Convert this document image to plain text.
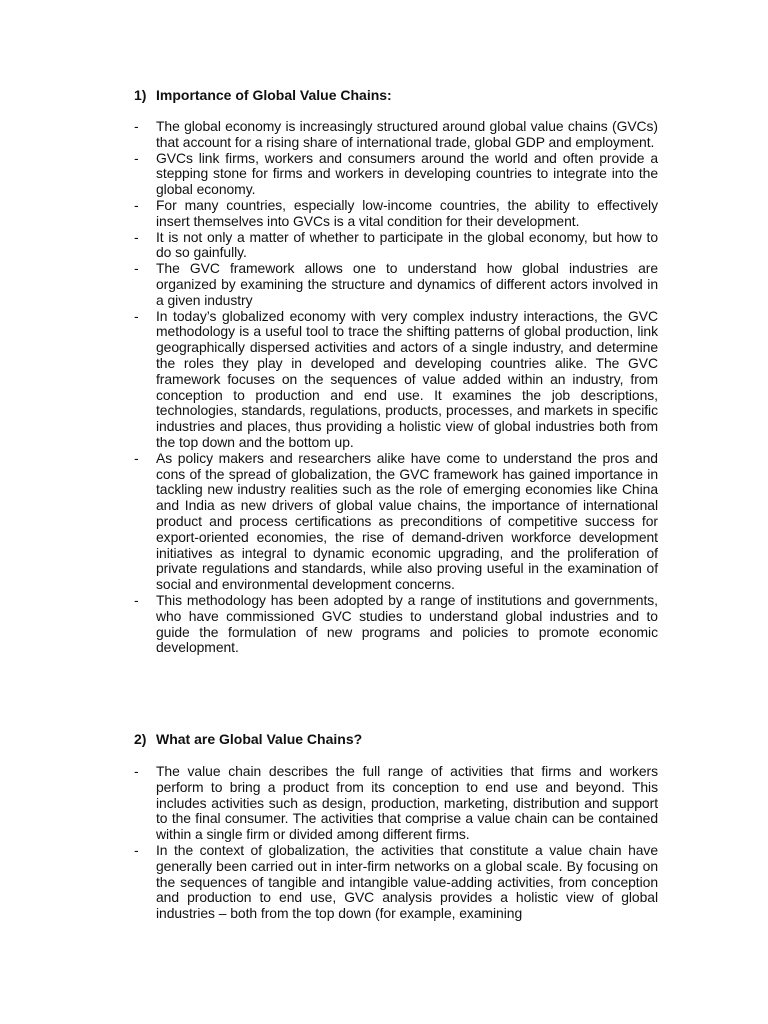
1) Importance of Global Value Chains:
-	The global economy is increasingly structured around global value chains (GVCs) that account for a rising share of international trade, global GDP and employment.
-	GVCs link firms, workers and consumers around the world and often provide a stepping stone for firms and workers in developing countries to integrate into the global economy.
-	For many countries, especially low-income countries, the ability to effectively insert themselves into GVCs is a vital condition for their development.
-	It is not only a matter of whether to participate in the global economy, but how to do so gainfully.
-	The GVC framework allows one to understand how global industries are organized by examining the structure and dynamics of different actors involved in a given industry
-	In today’s globalized economy with very complex industry interactions, the GVC methodology is a useful tool to trace the shifting patterns of global production, link geographically dispersed activities and actors of a single industry, and determine the roles they play in developed and developing countries alike. The GVC framework focuses on the sequences of value added within an industry, from conception to production and end use. It examines the job descriptions, technologies, standards, regulations, products, processes, and markets in specific industries and places, thus providing a holistic view of global industries both from the top down and the bottom up.
-	As policy makers and researchers alike have come to understand the pros and cons of the spread of globalization, the GVC framework has gained importance in tackling new industry realities such as the role of emerging economies like China and India as new drivers of global value chains, the importance of international product and process certifications as preconditions of competitive success for export-oriented economies, the rise of demand-driven workforce development initiatives as integral to dynamic economic upgrading, and the proliferation of private regulations and standards, while also proving useful in the examination of social and environmental development concerns.
-	This methodology has been adopted by a range of institutions and governments, who have commissioned GVC studies to understand global industries and to guide the formulation of new programs and policies to promote economic development.
2) What are Global Value Chains?
-	The value chain describes the full range of activities that firms and workers perform to bring a product from its conception to end use and beyond. This includes activities such as design, production, marketing, distribution and support to the final consumer. The activities that comprise a value chain can be contained within a single firm or divided among different firms.
-	In the context of globalization, the activities that constitute a value chain have generally been carried out in inter-firm networks on a global scale. By focusing on the sequences of tangible and intangible value-adding activities, from conception and production to end use, GVC analysis provides a holistic view of global industries – both from the top down (for example, examining
